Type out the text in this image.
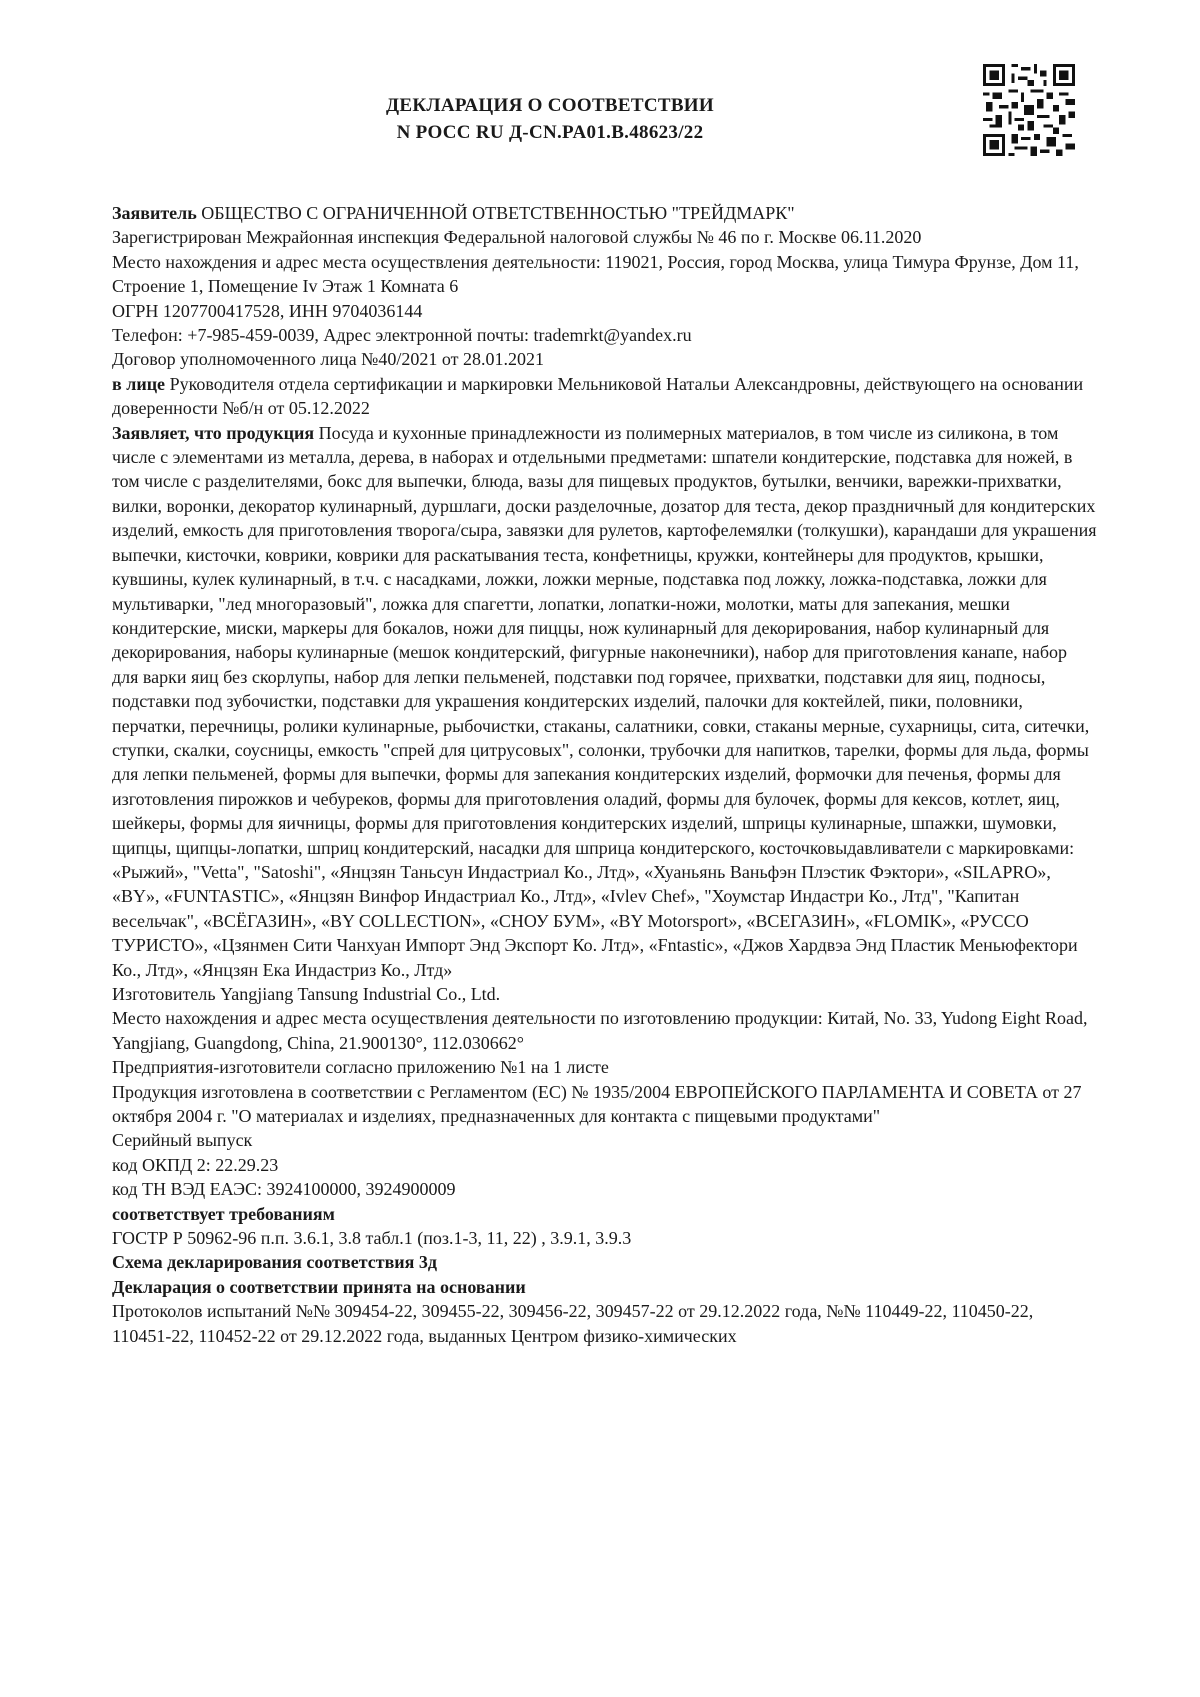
ДЕКЛАРАЦИЯ О СООТВЕТСТВИИ
N РОСС RU Д-CN.PA01.B.48623/22

Заявитель ОБЩЕСТВО С ОГРАНИЧЕННОЙ ОТВЕТСТВЕННОСТЬЮ "ТРЕЙДМАРК"

Зарегистрирован Межрайонная инспекция Федеральной налоговой службы № 46 по г. Москве 06.11.2020

Место нахождения и адрес места осуществления деятельности: 119021, Россия, город Москва, улица Тимура Фрунзе, Дом 11, Строение 1, Помещение Iv Этаж 1 Комната 6

ОГРН 1207700417528, ИНН 9704036144

Телефон: +7-985-459-0039, Адрес электронной почты: trademrkt@yandex.ru

Договор уполномоченного лица №40/2021 от 28.01.2021

в лице Руководителя отдела сертификации и маркировки Мельниковой Натальи Александровны, действующего на основании доверенности №б/н от 05.12.2022

Заявляет, что продукция Посуда и кухонные принадлежности из полимерных материалов, в том числе из силикона, в том числе с элементами из металла, дерева, в наборах и отдельными предметами: шпатели кондитерские, подставка для ножей, в том числе с разделителями, бокс для выпечки, блюда, вазы для пищевых продуктов, бутылки, венчики, варежки-прихватки, вилки, воронки, декоратор кулинарный, дуршлаги, доски разделочные, дозатор для теста, декор праздничный для кондитерских изделий, емкость для приготовления творога/сыра, завязки для рулетов, картофелемялки (толкушки), карандаши для украшения выпечки, кисточки, коврики, коврики для раскатывания теста, конфетницы, кружки, контейнеры для продуктов, крышки, кувшины, кулек кулинарный, в т.ч. с насадками, ложки, ложки мерные, подставка под ложку, ложка-подставка, ложки для мультиварки, "лед многоразовый", ложка для спагетти, лопатки, лопатки-ножи, молотки, маты для запекания, мешки кондитерские, миски, маркеры для бокалов, ножи для пиццы, нож кулинарный для декорирования, набор кулинарный для декорирования, наборы кулинарные (мешок кондитерский, фигурные наконечники), набор для приготовления канапе, набор для варки яиц без скорлупы, набор для лепки пельменей, подставки под горячее, прихватки, подставки для яиц, подносы, подставки под зубочистки, подставки для украшения кондитерских изделий, палочки для коктейлей, пики, половники, перчатки, перечницы, ролики кулинарные, рыбочистки, стаканы, салатники, совки, стаканы мерные, сухарницы, сита, ситечки, ступки, скалки, соусницы, емкость "спрей для цитрусовых", солонки, трубочки для напитков, тарелки, формы для льда, формы для лепки пельменей, формы для выпечки, формы для запекания кондитерских изделий, формочки для печенья, формы для изготовления пирожков и чебуреков, формы для приготовления оладий, формы для булочек, формы для кексов, котлет, яиц, шейкеры, формы для яичницы, формы для приготовления кондитерских изделий, шприцы кулинарные, шпажки, шумовки, щипцы, щипцы-лопатки, шприц кондитерский, насадки для шприца кондитерского, косточковыдавливатели с маркировками: «Рыжий», "Vetta", "Satoshi", «Янцзян Таньсун Индастриал Ко., Лтд», «Хуаньянь Ваньфэн Плэстик Фэктори», «SILAPRO», «BY», «FUNTASTIC», «Янцзян Винфор Индастриал Ко., Лтд», «Ivlev Chef», "Хоумстар Индастри Ко., Лтд", "Капитан весельчак", «ВСЁГАЗИН», «BY COLLECTION», «СНОУ БУМ», «BY Motorsport», «ВСЕГАЗИН», «FLOMIK», «РУССО ТУРИСТО», «Цзянмен Сити Чанхуан Импорт Энд Экспорт Ко. Лтд», «Fntastic», «Джов Хардвэа Энд Пластик Меньюфектори Ко., Лтд», «Янцзян Ека Индастриз Ко., Лтд»

Изготовитель Yangjiang Tansung Industrial Co., Ltd.

Место нахождения и адрес места осуществления деятельности по изготовлению продукции: Китай, No. 33, Yudong Eight Road, Yangjiang, Guangdong, China, 21.900130°, 112.030662°

Предприятия-изготовители согласно приложению №1 на 1 листе

Продукция изготовлена в соответствии с Регламентом (ЕС) № 1935/2004 ЕВРОПЕЙСКОГО ПАРЛАМЕНТА И СОВЕТА от 27 октября 2004 г. "О материалах и изделиях, предназначенных для контакта с пищевыми продуктами"

Серийный выпуск

код ОКПД 2: 22.29.23

код ТН ВЭД ЕАЭС: 3924100000, 3924900009

соответствует требованиям

ГОСТР Р 50962-96 п.п. 3.6.1, 3.8 табл.1 (поз.1-3, 11, 22) , 3.9.1, 3.9.3

Схема декларирования соответствия 3д

Декларация о соответствии принята на основании

Протоколов испытаний №№ 309454-22, 309455-22, 309456-22, 309457-22 от 29.12.2022 года, №№ 110449-22, 110450-22, 110451-22, 110452-22 от 29.12.2022 года, выданных Центром физико-химических
